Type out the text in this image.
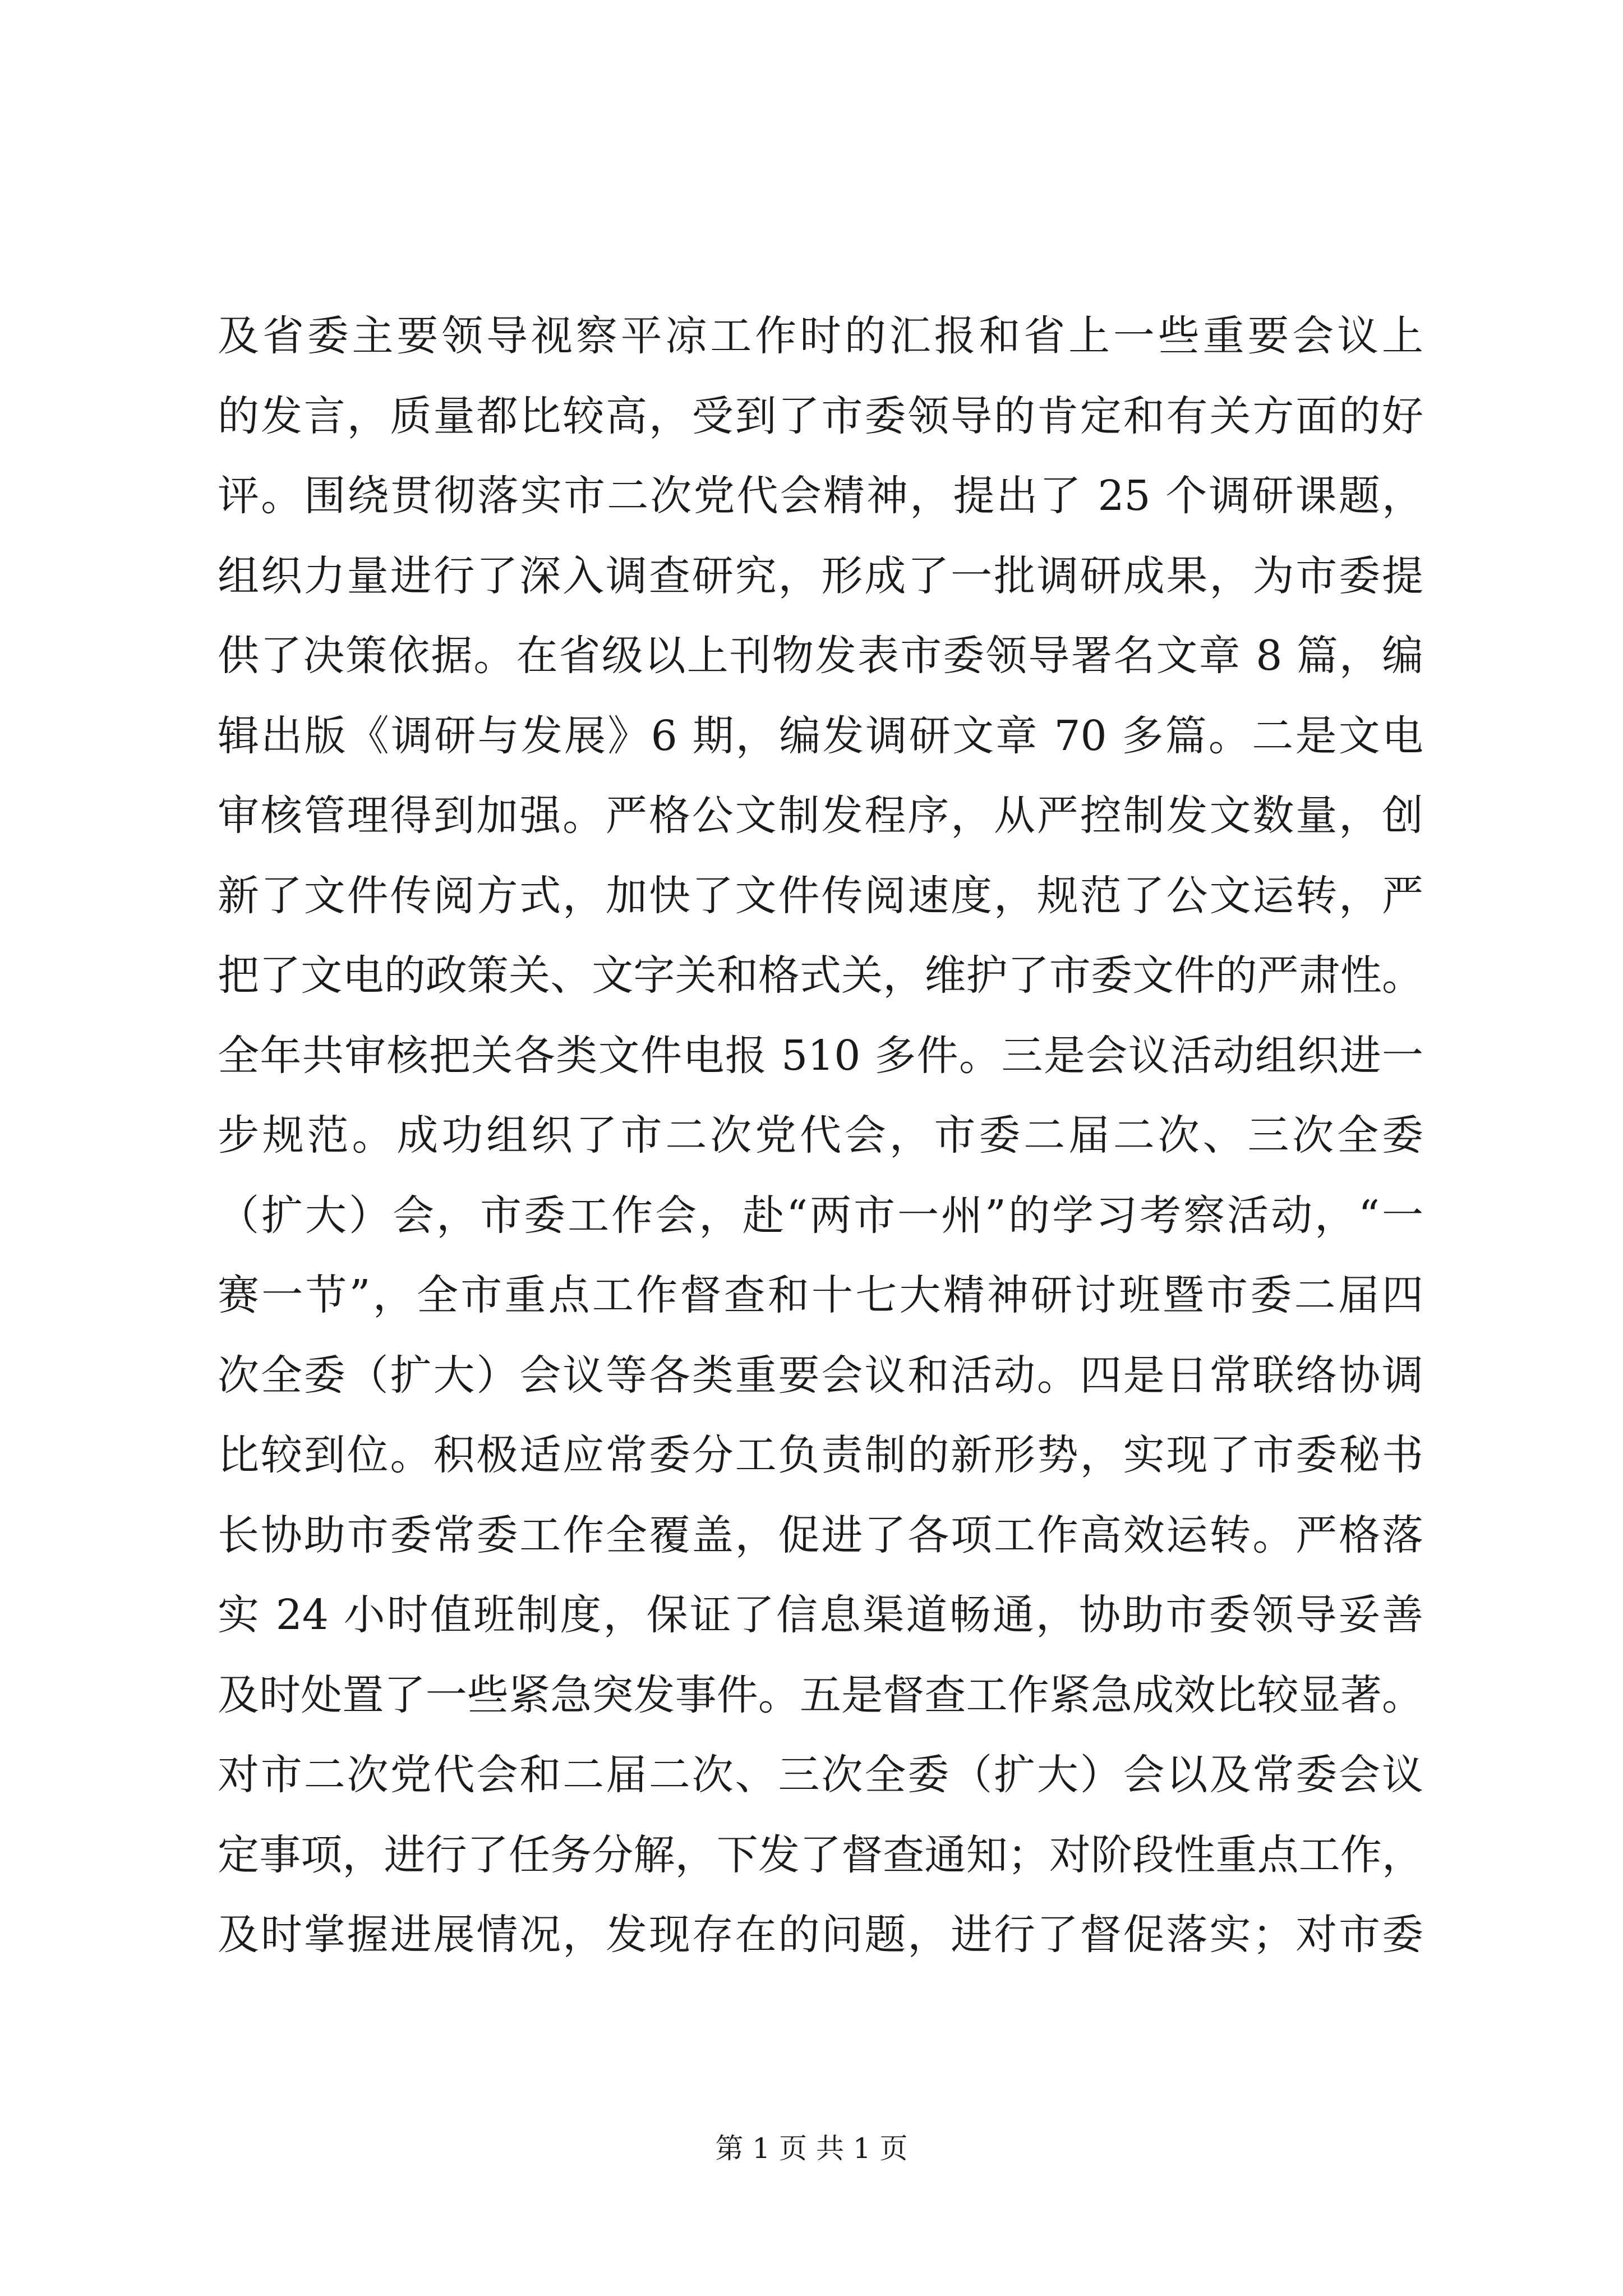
及省委主要领导视察平凉工作时的汇报和省上一些重要会议上
的发言，质量都比较高，受到了市委领导的肯定和有关方面的好
评。围绕贯彻落实市二次党代会精神，提出了 25 个调研课题，
组织力量进行了深入调查研究，形成了一批调研成果，为市委提
供了决策依据。在省级以上刊物发表市委领导署名文章 8 篇，编
辑出版《调研与发展》6 期，编发调研文章 70 多篇。二是文电
审核管理得到加强。严格公文制发程序，从严控制发文数量，创
新了文件传阅方式，加快了文件传阅速度，规范了公文运转，严
把了文电的政策关、文字关和格式关，维护了市委文件的严肃性。
全年共审核把关各类文件电报 510 多件。三是会议活动组织进一
步规范。成功组织了市二次党代会，市委二届二次、三次全委
（扩大）会，市委工作会，赴“两市一州”的学习考察活动，“一
赛一节”，全市重点工作督查和十七大精神研讨班暨市委二届四
次全委（扩大）会议等各类重要会议和活动。四是日常联络协调
比较到位。积极适应常委分工负责制的新形势，实现了市委秘书
长协助市委常委工作全覆盖，促进了各项工作高效运转。严格落
实 24 小时值班制度，保证了信息渠道畅通，协助市委领导妥善
及时处置了一些紧急突发事件。五是督查工作紧急成效比较显著。
对市二次党代会和二届二次、三次全委（扩大）会以及常委会议
定事项，进行了任务分解，下发了督查通知；对阶段性重点工作，
及时掌握进展情况，发现存在的问题，进行了督促落实；对市委
第 1 页 共 1 页
